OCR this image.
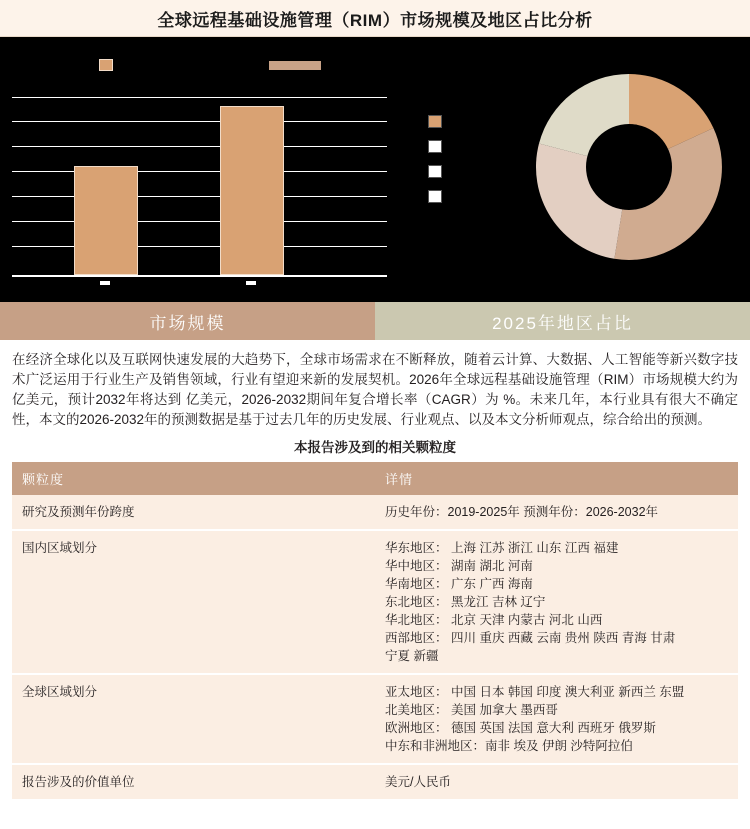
全球远程基础设施管理（RIM）市场规模及地区占比分析
市场规模	2025年地区占比
在经济全球化以及互联网快速发展的大趋势下，全球市场需求在不断释放，随着云计算、大数据、人工智能等新兴数字技术广泛运用于行业生产及销售领域，行业有望迎来新的发展契机。2026年全球远程基础设施管理（RIM）市场规模大约为 亿美元，预计2032年将达到 亿美元，2026-2032期间年复合增长率（CAGR）为 %。未来几年，本行业具有很大不确定性，本文的2026-2032年的预测数据是基于过去几年的历史发展、行业观点、以及本文分析师观点，综合给出的预测。
本报告涉及到的相关颗粒度
颗粒度	详情
研究及预测年份跨度	历史年份：2019-2025年 预测年份：2026-2032年

国内区域划分	华东地区： 上海 江苏 浙江 山东 江西 福建
华中地区： 湖南 湖北 河南
华南地区： 广东 广西 海南
东北地区： 黑龙江 吉林 辽宁
华北地区： 北京 天津 内蒙古 河北 山西
西部地区： 四川 重庆 西藏 云南 贵州 陕西 青海 甘肃
宁夏 新疆

全球区域划分	亚太地区： 中国 日本 韩国 印度 澳大利亚 新西兰 东盟
北美地区： 美国 加拿大 墨西哥
欧洲地区： 德国 英国 法国 意大利 西班牙 俄罗斯
中东和非洲地区：南非 埃及 伊朗 沙特阿拉伯

报告涉及的价值单位	美元/人民币
